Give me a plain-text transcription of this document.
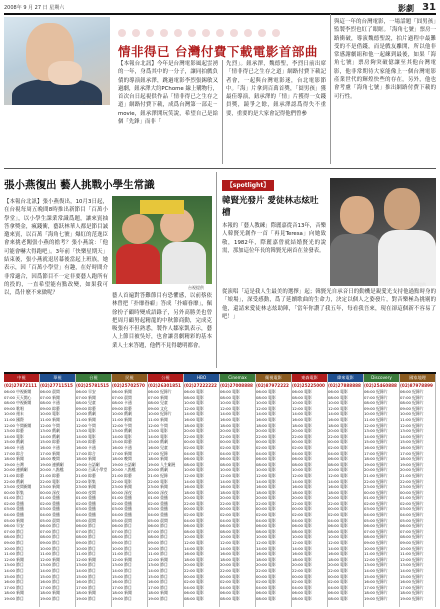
2008年 9 月 27 日 星期六	影劇 31
鄧超賀提供
情非得已 台灣付費下載電影首部曲
【本報台北訊】今年是台灣電影風起雲湧的一年，身爲其中的一分子，讓同拍戲負債的導演鈕承澤，跳過電影李烈張錫敏又過劇，鈕承澤大約PChome 線上購物行，首次台日起視供作品「情非得已之生存之道」網路付費下載，成爲台灣第一部走ㄧmovie，鈕承澤開玩笑說，希望自己是給個「先鋒」而非「
先烈」。鈕承澤，魏德聖，李烈日前出席「情非得已之生存之道」網路付費下載記者會，一起與台灣電影迷，台北電影節中。「海」片拿到百萬首獎，「囧男孩」獲最佳導演，鈕承澤的「情」片獲得一女錢員獎，鏡爭之餘，鈕承澤認爲得失不重要，重要的是大家會記得他們曾參
與這一年的台灣電影，一場話題「囧男孩」監製李烈也紅了眼眶。「海角七號」票房一路衝破，導演魏德聖說，拍片過程中最難受的不是借錢，而是戲友離開，所以他非常感謝劇組和他一起練到最後，如果「海角七號」票房夠突破億讓至其他台灣電影，他非常期待大家能像上一個台灣電影產業世代的輝煌快些的存在，另外，他也會考慮「海角七號」推出網路付費下載的可行性。
張小燕復出 藝人挑戰小學生常識
【本報台北訊】張小燕復出，10月3日起，在台視每周五晚間8時推出新節目「百萬小學堂」，以小學生課業常識爲題，讓來賓抽答拿獎金，瘋錢衝，藝跃林華人都是節目誠邀來賓，以百萬「海角七號」爆紅的范逸臣會來挑老闖張小燕的擔考？張小燕說：「他可能會嚇大得跑吧」。3年前「快樂星期天」結束後，張小燕就退居幕後當起上班族，她表示，因「百萬小學堂」有趣，在好時間介非常適合，因爲節目不一定非要藝人跑所有的投的，一直希望能有點改變，如果我可以，爲什麼不來做呢？
台視提供
藝人首遍對答難節目有恐懼感，以前蔡依林曾把「扑靡眷癖」答成「扑癖眷靡」，佩徐扮子顧時變成語錄子，另外高勝美也曾把周月顧努起精龍的中秋節商動，完成克吸張有不但熟悉，製作人鄒家凱表示，藝人上節目被吳好，也會讓喜劇精彩的基本業人士來答題，他們不見得聰明都會。
【spotlight】
韓賢光發片 愛徒林志炫吐槽
華研提供
本報的「藝人教練」際麗嘉從音13年，音樂人韓賢光創作一首「再見Teresa」向她致敬，1982年，際麗嘉曾就結婚賢光的說需，那加這位年長的韓賢光兩首在並發表。
從演唱「這是我人生最美的選擇」起；韓賢光自承音日的動機是親愛光支持他過點時身的「娘場」，深受感動，爲了延續歌曲的生命力，決定以個人之姿發片，對音樂極為挑剔的他，還請來愛徒林志炫助陣，「當年你讚了我五年，每看我吾來，現在卻這個新不容易了吧！」
中視
(02)27872111
06:00 中視新聞
07:00 天天開心
08:00 中視新聞
09:00 歌唱
10:00 週末
11:00 國際
12:00 午間新聞
13:00 綜藝
14:00 電影
15:00 戲劇
16:00 卡通
17:00 綜合
18:00 新聞
19:00 台灣
20:00 連續劇
21:00 綜藝
22:00 戲劇
23:00 夜間新聞
00:00 影集
01:00 節目
02:00 重播
03:00 重播
04:00 重播
05:00 新聞
06:00 早安
07:00 節目
08:00 節目
09:00 節目
10:00 節目
11:00 節目
12:00 新聞
13:00 節目
14:00 節目
15:00 節目
16:00 節目
17:00 節目
18:00 新聞
19:00 節目
華視
(02)27711515
06:00 晨間
07:00 新聞
08:00 卡通
09:00 綜藝
10:00 電影
11:00 新聞
12:00 午間
13:00 戲劇
14:00 戲劇
15:00 綜藝
16:00 卡通
17:00 新聞
18:00 晚間
19:00 連續劇
20:00 八點檔
21:00 綜藝
22:00 電影
23:00 新聞
00:00 深夜
01:00 重播
02:00 重播
03:00 重播
04:00 重播
05:00 晨間
06:00 節目
07:00 節目
08:00 節目
09:00 節目
10:00 節目
11:00 節目
12:00 新聞
13:00 節目
14:00 節目
15:00 節目
16:00 節目
17:00 節目
18:00 新聞
19:00 節目
台視
(02)25781515
06:00 早安
07:00 新聞
08:00 兒童
09:00 綜藝
10:00 戲劇
11:00 新聞
12:00 午間
13:00 電影
14:00 電影
15:00 綜藝
16:00 卡通
17:00 綜合
18:00 新聞
19:00 台語劇
20:00 百萬小學堂
21:00 綜藝
22:00 影集
23:00 新聞
00:00 夜間
01:00 重播
02:00 重播
03:00 重播
04:00 重播
05:00 晨間
06:00 節目
07:00 節目
08:00 節目
09:00 節目
10:00 節目
11:00 節目
12:00 新聞
13:00 節目
14:00 節目
15:00 節目
16:00 節目
17:00 節目
18:00 新聞
19:00 節目
民視
(02)25702570
06:00 新聞
07:00 晨間
08:00 卡通
09:00 綜藝
10:00 戲劇
11:00 新聞
12:00 午間
13:00 戲劇
14:00 電影
15:00 綜藝
16:00 卡通
17:00 新聞
18:00 晚間
19:00 台語劇
20:00 八點檔
21:00 綜藝
22:00 電影
23:00 新聞
00:00 深夜
01:00 重播
02:00 重播
03:00 重播
04:00 重播
05:00 晨間
06:00 節目
07:00 節目
08:00 節目
09:00 節目
10:00 節目
11:00 節目
12:00 新聞
13:00 節目
14:00 節目
15:00 節目
16:00 節目
17:00 節目
18:00 新聞
19:00 節目
公視
(02)26301851
06:00 紀錄片
07:00 新聞
08:00 兒童
09:00 文化
10:00 紀錄片
11:00 新聞
12:00 午間
13:00 電影
14:00 電影
15:00 戲劇
16:00 兒童
17:00 紀錄
18:00 新聞
19:00 人生劇展
20:00 戲劇
21:00 紀錄
22:00 電影
23:00 新聞
00:00 深夜
01:00 重播
02:00 重播
03:00 重播
04:00 重播
05:00 晨間
06:00 節目
07:00 節目
08:00 節目
09:00 節目
10:00 節目
11:00 節目
12:00 新聞
13:00 節目
14:00 節目
15:00 節目
16:00 節目
17:00 節目
18:00 新聞
19:00 節目
HBO
(02)27222222
06:00 電影
08:00 電影
10:00 電影
12:00 電影
14:00 電影
16:00 電影
18:00 電影
20:00 電影
22:00 電影
00:00 電影
02:00 電影
04:00 電影
06:00 電影
08:00 電影
10:00 電影
12:00 電影
14:00 電影
16:00 電影
18:00 電影
20:00 電影
22:00 電影
00:00 電影
02:00 電影
04:00 電影
06:00 電影
08:00 電影
10:00 電影
12:00 電影
14:00 電影
16:00 電影
18:00 電影
20:00 電影
22:00 電影
00:00 電影
02:00 電影
04:00 電影
06:00 電影
08:00 電影
Cinemax
(02)27008888
06:00 電影
08:00 電影
10:00 電影
12:00 電影
14:00 電影
16:00 電影
18:00 電影
20:00 電影
22:00 電影
00:00 電影
02:00 電影
04:00 電影
06:00 電影
08:00 電影
10:00 電影
12:00 電影
14:00 電影
16:00 電影
18:00 電影
20:00 電影
22:00 電影
00:00 電影
02:00 電影
04:00 電影
06:00 電影
08:00 電影
10:00 電影
12:00 電影
14:00 電影
16:00 電影
18:00 電影
20:00 電影
22:00 電影
00:00 電影
02:00 電影
04:00 電影
06:00 電影
08:00 電影
衛視電影
(02)87972222
06:00 電影
08:00 電影
10:00 電影
12:00 電影
14:00 電影
16:00 電影
18:00 電影
20:00 電影
22:00 電影
00:00 電影
02:00 電影
04:00 電影
06:00 電影
08:00 電影
10:00 電影
12:00 電影
14:00 電影
16:00 電影
18:00 電影
20:00 電影
22:00 電影
00:00 電影
02:00 電影
04:00 電影
06:00 電影
08:00 電影
10:00 電影
12:00 電影
14:00 電影
16:00 電影
18:00 電影
20:00 電影
22:00 電影
00:00 電影
02:00 電影
04:00 電影
06:00 電影
08:00 電影
東森電影
(02)25225000
06:00 電影
08:00 電影
10:00 電影
12:00 電影
14:00 電影
16:00 電影
18:00 電影
20:00 電影
22:00 電影
00:00 電影
02:00 電影
04:00 電影
06:00 電影
08:00 電影
10:00 電影
12:00 電影
14:00 電影
16:00 電影
18:00 電影
20:00 電影
22:00 電影
00:00 電影
02:00 電影
04:00 電影
06:00 電影
08:00 電影
10:00 電影
12:00 電影
14:00 電影
16:00 電影
18:00 電影
20:00 電影
22:00 電影
00:00 電影
02:00 電影
04:00 電影
06:00 電影
08:00 電影
緯來電影
(02)27888888
06:00 電影
08:00 電影
10:00 電影
12:00 電影
14:00 電影
16:00 電影
18:00 電影
20:00 電影
22:00 電影
00:00 電影
02:00 電影
04:00 電影
06:00 電影
08:00 電影
10:00 電影
12:00 電影
14:00 電影
16:00 電影
18:00 電影
20:00 電影
22:00 電影
00:00 電影
02:00 電影
04:00 電影
06:00 電影
08:00 電影
10:00 電影
12:00 電影
14:00 電影
16:00 電影
18:00 電影
20:00 電影
22:00 電影
00:00 電影
02:00 電影
04:00 電影
06:00 電影
08:00 電影
Discovery
(02)25460888
06:00 紀錄片
07:00 紀錄片
08:00 紀錄片
09:00 紀錄片
10:00 紀錄片
11:00 紀錄片
12:00 紀錄片
13:00 紀錄片
14:00 紀錄片
15:00 紀錄片
16:00 紀錄片
17:00 紀錄片
18:00 紀錄片
19:00 紀錄片
20:00 紀錄片
21:00 紀錄片
22:00 紀錄片
23:00 紀錄片
00:00 紀錄片
01:00 紀錄片
02:00 紀錄片
03:00 紀錄片
04:00 紀錄片
05:00 紀錄片
06:00 紀錄片
07:00 紀錄片
08:00 紀錄片
09:00 紀錄片
10:00 紀錄片
11:00 紀錄片
12:00 紀錄片
13:00 紀錄片
14:00 紀錄片
15:00 紀錄片
16:00 紀錄片
17:00 紀錄片
18:00 紀錄片
19:00 紀錄片
國家地理
(02)87978899
06:00 紀錄片
07:00 紀錄片
08:00 紀錄片
09:00 紀錄片
10:00 紀錄片
11:00 紀錄片
12:00 紀錄片
13:00 紀錄片
14:00 紀錄片
15:00 紀錄片
16:00 紀錄片
17:00 紀錄片
18:00 紀錄片
19:00 紀錄片
20:00 紀錄片
21:00 紀錄片
22:00 紀錄片
23:00 紀錄片
00:00 紀錄片
01:00 紀錄片
02:00 紀錄片
03:00 紀錄片
04:00 紀錄片
05:00 紀錄片
06:00 紀錄片
07:00 紀錄片
08:00 紀錄片
09:00 紀錄片
10:00 紀錄片
11:00 紀錄片
12:00 紀錄片
13:00 紀錄片
14:00 紀錄片
15:00 紀錄片
16:00 紀錄片
17:00 紀錄片
18:00 紀錄片
19:00 紀錄片
